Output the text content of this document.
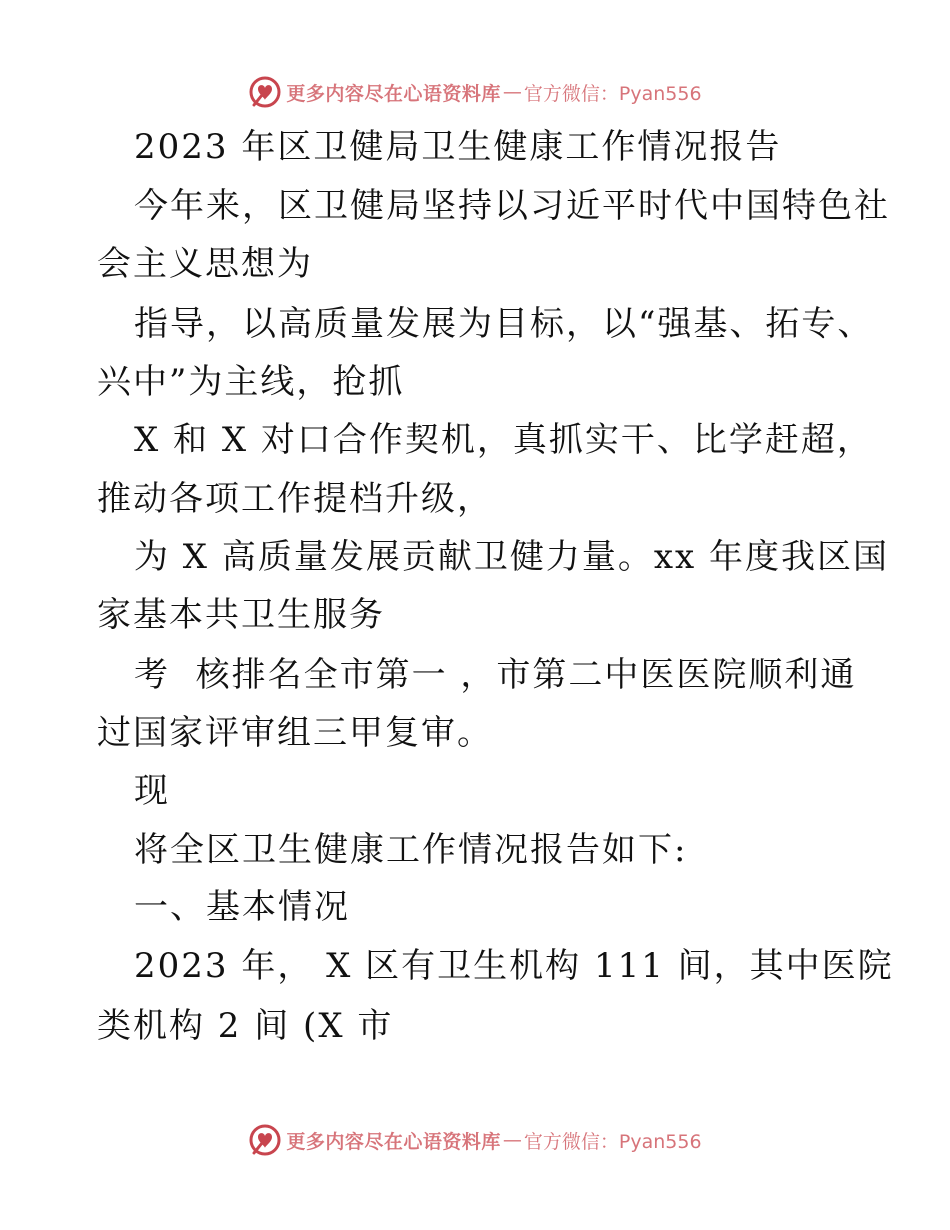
更多内容尽在心语资料库 — 官方微信：Pyan556
2023 年区卫健局卫生健康工作情况报告
今年来，区卫健局坚持以习近平时代中国特色社
会主义思想为
指导，以高质量发展为目标，以“强基、拓专、
兴中”为主线，抢抓
X 和 X 对口合作契机，真抓实干、比学赶超，
推动各项工作提档升级，
为 X 高质量发展贡献卫健力量。xx 年度我区国
家基本共卫生服务
考  核排名全市第一 ，市第二中医医院顺利通
过国家评审组三甲复审。
现
将全区卫生健康工作情况报告如下:
一、基本情况
2023 年， X 区有卫生机构 111 间，其中医院
类机构 2 间 (X 市
更多内容尽在心语资料库 — 官方微信：Pyan556
